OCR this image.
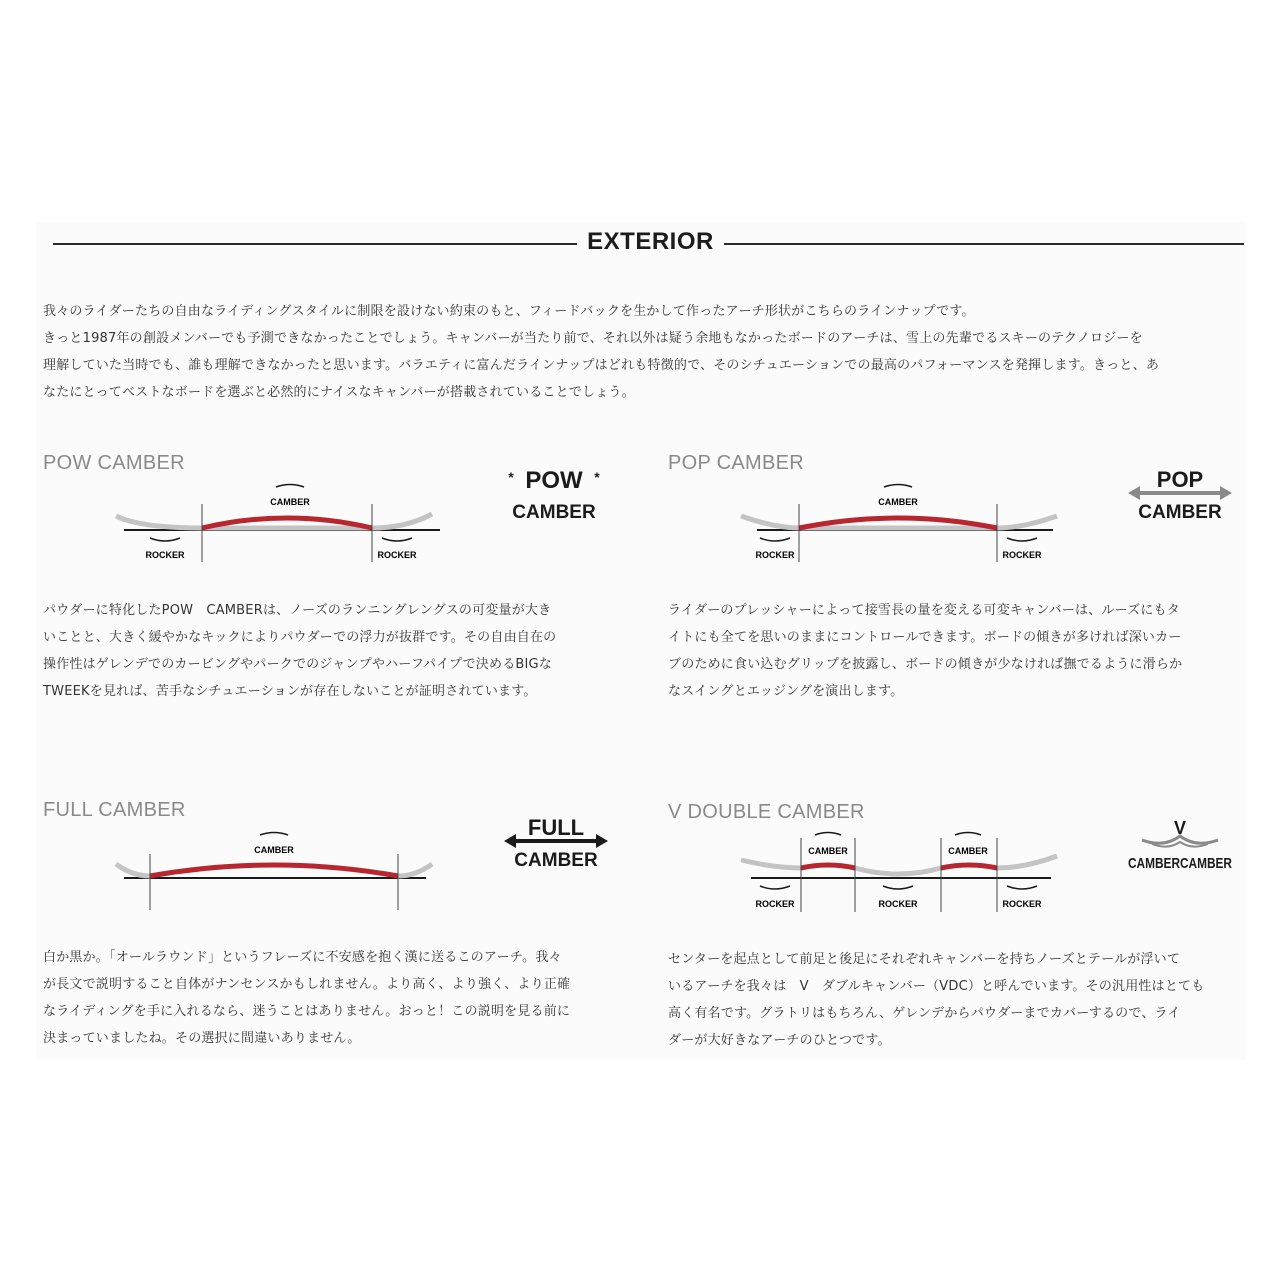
EXTERIOR
我々のライダーたちの自由なライディングスタイルに制限を設けない約束のもと、フィードバックを生かして作ったアーチ形状がこちらのラインナップです。
きっと1987年の創設メンバーでも予測できなかったことでしょう。キャンバーが当たり前で、それ以外は疑う余地もなかったボードのアーチは、雪上の先輩でるスキーのテクノロジーを
理解していた当時でも、誰も理解できなかったと思います。バラエティに富んだラインナップはどれも特徴的で、そのシチュエーションでの最高のパフォーマンスを発揮します。きっと、あ
なたにとってベストなボードを選ぶと必然的にナイスなキャンバーが搭載されていることでしょう。
POW CAMBER
CAMBER
ROCKER	ROCKER
* POW *
CAMBER
パウダーに特化したPOW　CAMBERは、ノーズのランニングレングスの可変量が大き
いことと、大きく緩やかなキックによりパウダーでの浮力が抜群です。その自由自在の
操作性はゲレンデでのカービングやパークでのジャンプやハーフパイプで決めるBIGな
TWEEKを見れば、苦手なシチュエーションが存在しないことが証明されています。
POP CAMBER
CAMBER
ROCKER	ROCKER
POP
CAMBER
ライダーのプレッシャーによって接雪長の量を変える可変キャンバーは、ルーズにもタ
イトにも全てを思いのままにコントロールできます。ボードの傾きが多ければ深いカー
ブのために食い込むグリップを披露し、ボードの傾きが少なければ撫でるように滑らか
なスイングとエッジングを演出します。
FULL CAMBER
CAMBER
FULL
CAMBER
白か黒か。「オールラウンド」というフレーズに不安感を抱く漢に送るこのアーチ。我々
が長文で説明すること自体がナンセンスかもしれません。より高く、より強く、より正確
なライディングを手に入れるなら、迷うことはありません。おっと！この説明を見る前に
決まっていましたね。その選択に間違いありません。
V DOUBLE CAMBER
CAMBER	CAMBER
ROCKER	ROCKER	ROCKER
V
CAMBERCAMBER
センターを起点として前足と後足にそれぞれキャンバーを持ちノーズとテールが浮いて
いるアーチを我々は　V　ダブルキャンバー（VDC）と呼んでいます。その汎用性はとても
高く有名です。グラトリはもちろん、ゲレンデからパウダーまでカバーするので、ライ
ダーが大好きなアーチのひとつです。
